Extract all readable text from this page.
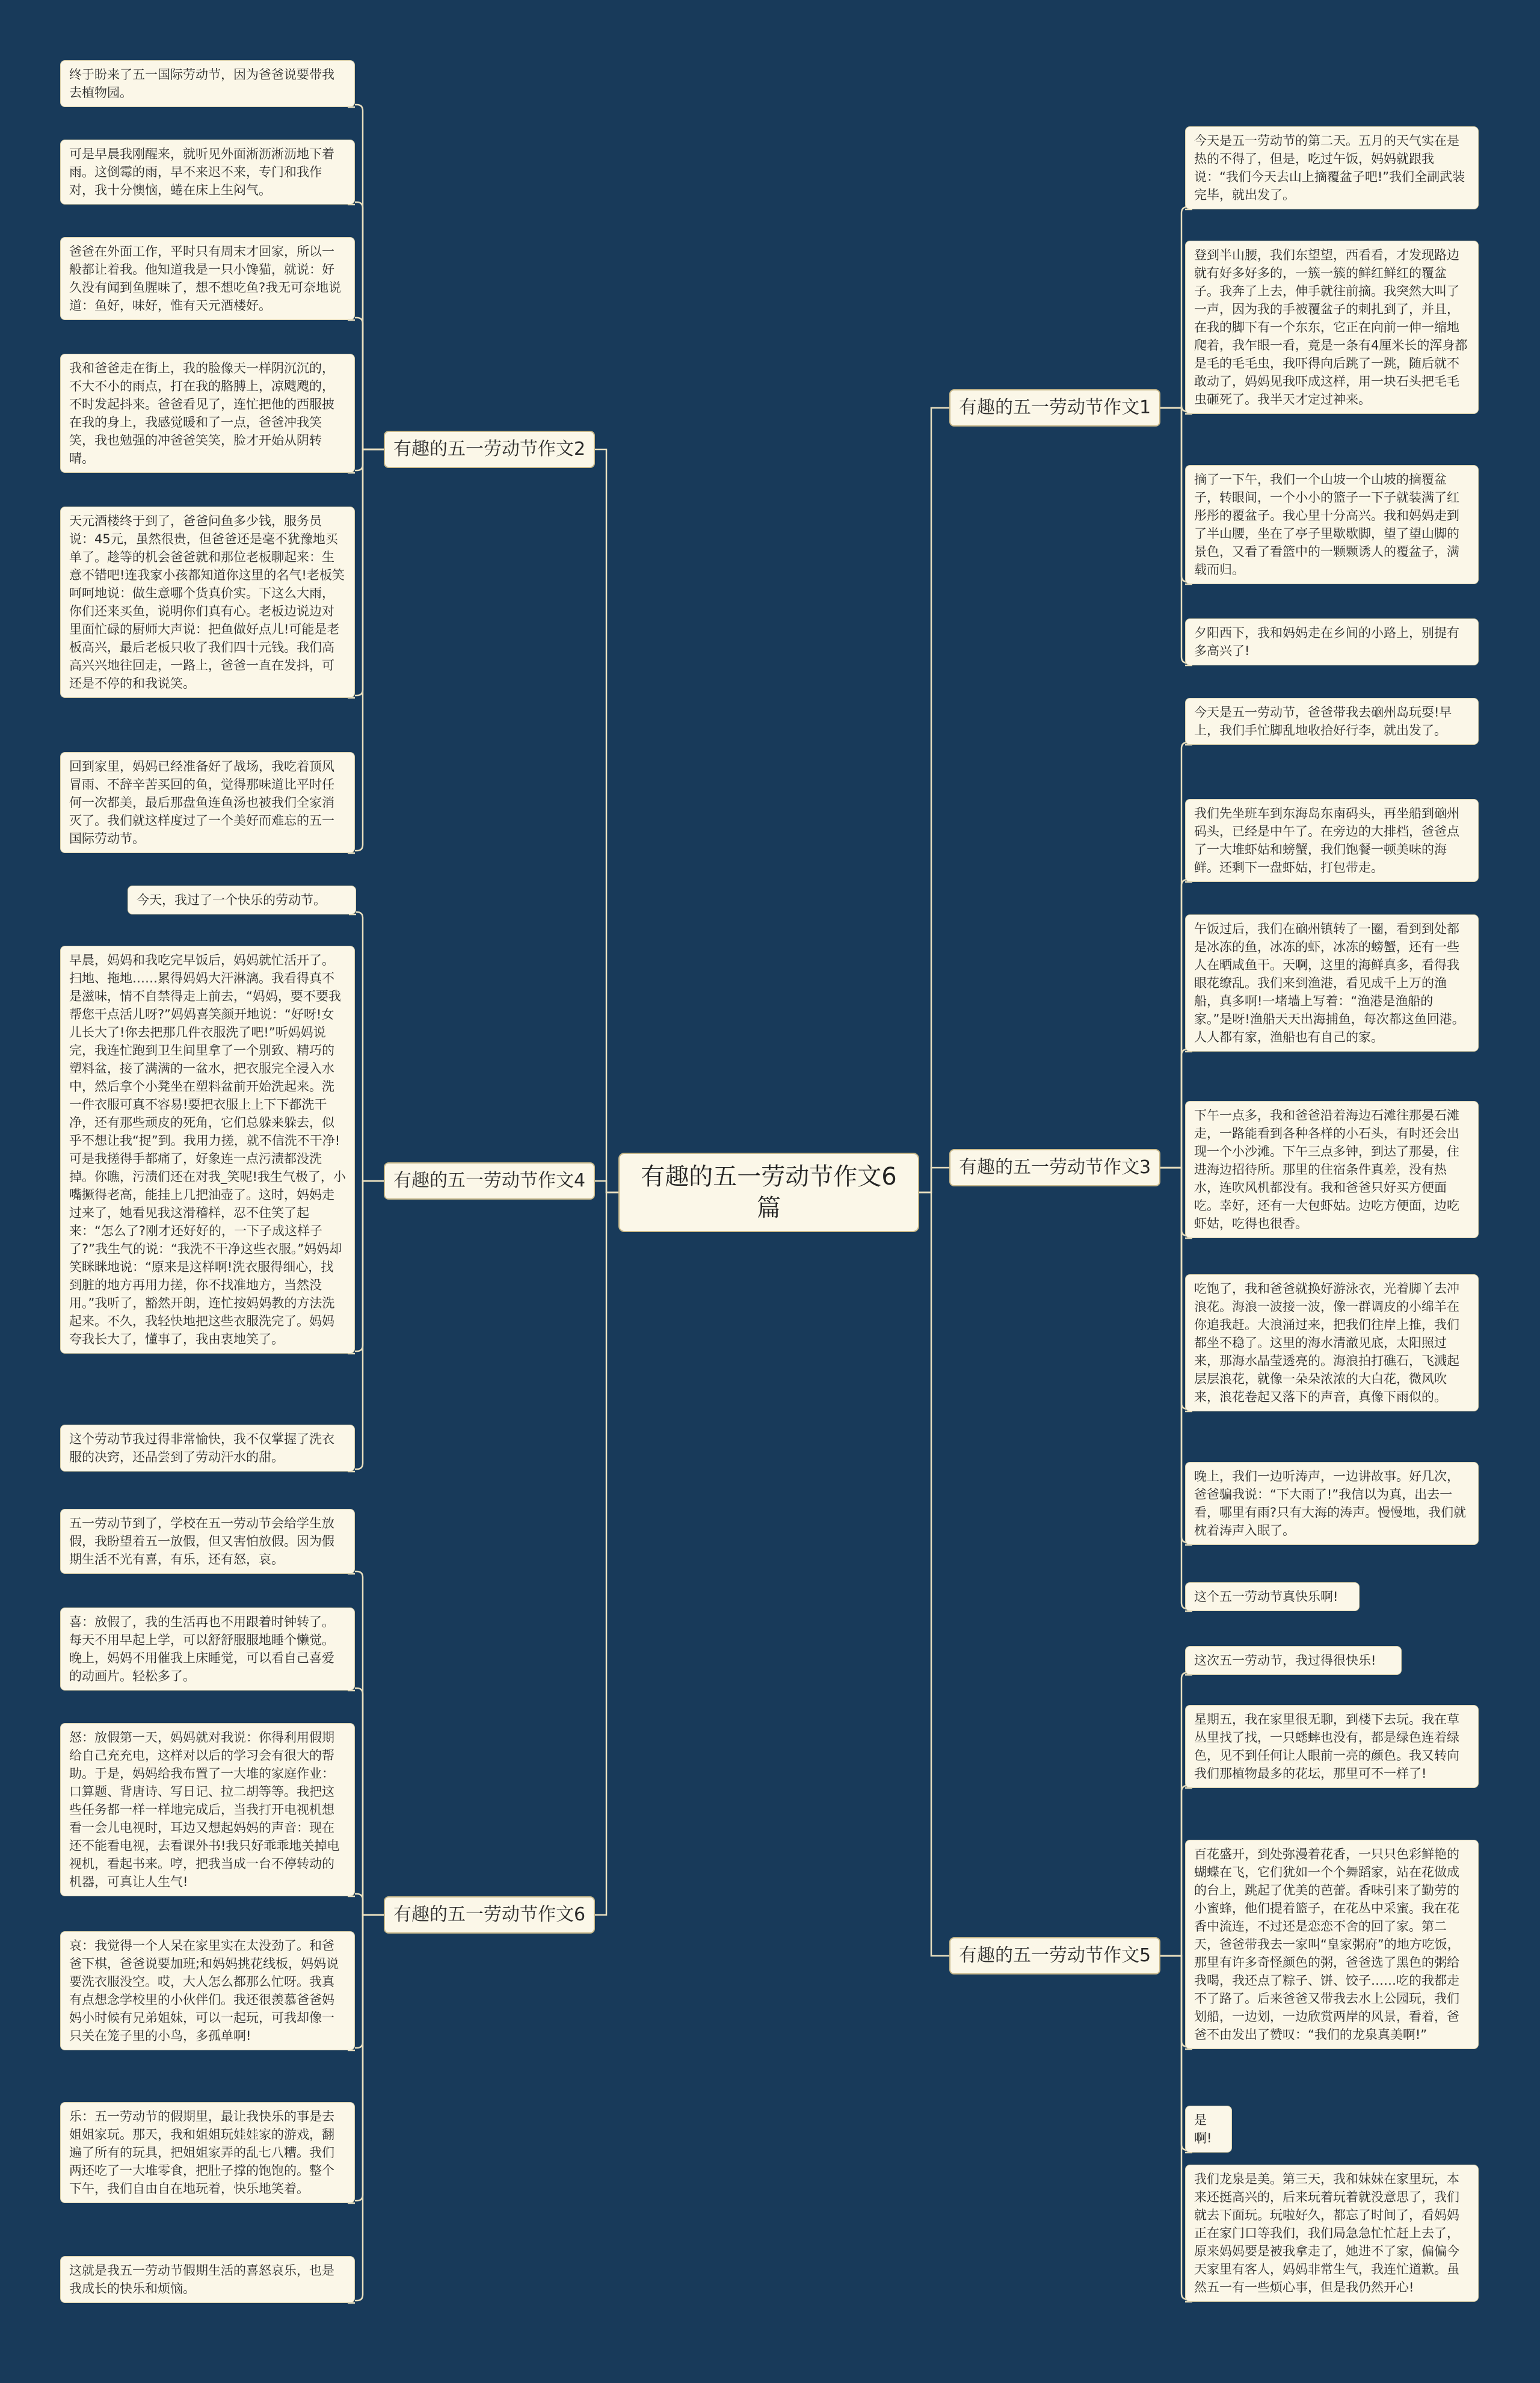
有趣的五一劳动节作文6篇
有趣的五一劳动节作文1
有趣的五一劳动节作文3
有趣的五一劳动节作文5
有趣的五一劳动节作文2
有趣的五一劳动节作文4
有趣的五一劳动节作文6
今天是五一劳动节的第二天。五月的天气实在是热的不得了，但是，吃过午饭，妈妈就跟我说：“我们今天去山上摘覆盆子吧!”我们全副武装完毕，就出发了。
登到半山腰，我们东望望，西看看，才发现路边就有好多好多的，一簇一簇的鲜红鲜红的覆盆子。我奔了上去，伸手就往前摘。我突然大叫了一声，因为我的手被覆盆子的刺扎到了，并且，在我的脚下有一个东东，它正在向前一伸一缩地爬着，我乍眼一看，竟是一条有4厘米长的浑身都是毛的毛毛虫，我吓得向后跳了一跳，随后就不敢动了，妈妈见我吓成这样，用一块石头把毛毛虫砸死了。我半天才定过神来。
摘了一下午，我们一个山坡一个山坡的摘覆盆子，转眼间，一个小小的篮子一下子就装满了红彤彤的覆盆子。我心里十分高兴。我和妈妈走到了半山腰，坐在了亭子里歇歇脚，望了望山脚的景色，又看了看篮中的一颗颗诱人的覆盆子，满载而归。
夕阳西下，我和妈妈走在乡间的小路上，别提有多高兴了!
今天是五一劳动节，爸爸带我去硇州岛玩耍!早上，我们手忙脚乱地收拾好行李，就出发了。
我们先坐班车到东海岛东南码头，再坐船到硇州码头，已经是中午了。在旁边的大排档，爸爸点了一大堆虾姑和螃蟹，我们饱餐一顿美味的海鲜。还剩下一盘虾姑，打包带走。
午饭过后，我们在硇州镇转了一圈，看到到处都是冰冻的鱼，冰冻的虾，冰冻的螃蟹，还有一些人在晒咸鱼干。天啊，这里的海鲜真多，看得我眼花缭乱。我们来到渔港，看见成千上万的渔船，真多啊!一堵墙上写着：“渔港是渔船的家。”是呀!渔船天天出海捕鱼，每次都这鱼回港。人人都有家，渔船也有自己的家。
下午一点多，我和爸爸沿着海边石滩往那晏石滩走，一路能看到各种各样的小石头，有时还会出现一个小沙滩。下午三点多钟，到达了那晏，住进海边招待所。那里的住宿条件真差，没有热水，连吹风机都没有。我和爸爸只好买方便面吃。幸好，还有一大包虾姑。边吃方便面，边吃虾姑，吃得也很香。
吃饱了，我和爸爸就换好游泳衣，光着脚丫去冲浪花。海浪一波接一波，像一群调皮的小绵羊在你追我赶。大浪涌过来，把我们往岸上推，我们都坐不稳了。这里的海水清澈见底，太阳照过来，那海水晶莹透亮的。海浪拍打礁石，飞溅起层层浪花，就像一朵朵浓浓的大白花，微风吹来，浪花卷起又落下的声音，真像下雨似的。
晚上，我们一边听涛声，一边讲故事。好几次，爸爸骗我说：“下大雨了!”我信以为真，出去一看，哪里有雨?只有大海的涛声。慢慢地，我们就枕着涛声入眠了。
这个五一劳动节真快乐啊!
这次五一劳动节，我过得很快乐!
星期五，我在家里很无聊，到楼下去玩。我在草丛里找了找，一只蟋蟀也没有，都是绿色连着绿色，见不到任何让人眼前一亮的颜色。我又转向我们那植物最多的花坛，那里可不一样了!
百花盛开，到处弥漫着花香，一只只色彩鲜艳的蝴蝶在飞，它们犹如一个个舞蹈家，站在花做成的台上，跳起了优美的芭蕾。香味引来了勤劳的小蜜蜂，他们提着篮子，在花丛中采蜜。我在花香中流连，不过还是恋恋不舍的回了家。第二天，爸爸带我去一家叫“皇家粥府”的地方吃饭，那里有许多奇怪颜色的粥，爸爸选了黑色的粥给我喝，我还点了粽子、饼、饺子……吃的我都走不了路了。后来爸爸又带我去水上公园玩，我们划船，一边划，一边欣赏两岸的风景，看着，爸爸不由发出了赞叹：“我们的龙泉真美啊!”
是啊!
我们龙泉是美。第三天，我和妹妹在家里玩，本来还挺高兴的，后来玩着玩着就没意思了，我们就去下面玩。玩啦好久，都忘了时间了，看妈妈正在家门口等我们，我们局急急忙忙赶上去了，原来妈妈要是被我拿走了，她进不了家，偏偏今天家里有客人，妈妈非常生气，我连忙道歉。虽然五一有一些烦心事，但是我仍然开心!
终于盼来了五一国际劳动节，因为爸爸说要带我去植物园。
可是早晨我刚醒来，就听见外面淅沥淅沥地下着雨。这倒霉的雨，早不来迟不来，专门和我作对，我十分懊恼，蜷在床上生闷气。
爸爸在外面工作，平时只有周末才回家，所以一般都让着我。他知道我是一只小馋猫，就说：好久没有闻到鱼腥味了，想不想吃鱼?我无可奈地说道：鱼好，味好，惟有天元酒楼好。
我和爸爸走在街上，我的脸像天一样阴沉沉的，不大不小的雨点，打在我的胳膊上，凉飕飕的，不时发起抖来。爸爸看见了，连忙把他的西服披在我的身上，我感觉暖和了一点，爸爸冲我笑笑，我也勉强的冲爸爸笑笑，脸才开始从阴转晴。
天元酒楼终于到了，爸爸问鱼多少钱，服务员说：45元，虽然很贵，但爸爸还是毫不犹豫地买单了。趁等的机会爸爸就和那位老板聊起来：生意不错吧!连我家小孩都知道你这里的名气!老板笑呵呵地说：做生意哪个货真价实。下这么大雨，你们还来买鱼，说明你们真有心。老板边说边对里面忙碌的厨师大声说：把鱼做好点儿!可能是老板高兴，最后老板只收了我们四十元钱。我们高高兴兴地往回走，一路上，爸爸一直在发抖，可还是不停的和我说笑。
回到家里，妈妈已经准备好了战场，我吃着顶风冒雨、不辞辛苦买回的鱼，觉得那味道比平时任何一次都美，最后那盘鱼连鱼汤也被我们全家消灭了。我们就这样度过了一个美好而难忘的五一国际劳动节。
今天，我过了一个快乐的劳动节。
早晨，妈妈和我吃完早饭后，妈妈就忙活开了。扫地、拖地……累得妈妈大汗淋漓。我看得真不是滋味，情不自禁得走上前去，“妈妈，要不要我帮您干点活儿呀?”妈妈喜笑颜开地说：“好呀!女儿长大了!你去把那几件衣服洗了吧!”听妈妈说完，我连忙跑到卫生间里拿了一个别致、精巧的塑料盆，接了满满的一盆水，把衣服完全浸入水中，然后拿个小凳坐在塑料盆前开始洗起来。洗一件衣服可真不容易!要把衣服上上下下都洗干净，还有那些顽皮的死角，它们总躲来躲去，似乎不想让我“捉”到。我用力搓，就不信洗不干净!可是我搓得手都痛了，好象连一点污渍都没洗掉。你瞧，污渍们还在对我_笑呢!我生气极了，小嘴撅得老高，能挂上几把油壶了。这时，妈妈走过来了，她看见我这滑稽样，忍不住笑了起来：“怎么了?刚才还好好的，一下子成这样子了?”我生气的说：“我洗不干净这些衣服。”妈妈却笑眯眯地说：“原来是这样啊!洗衣服得细心，找到脏的地方再用力搓，你不找准地方，当然没用。”我听了，豁然开朗，连忙按妈妈教的方法洗起来。不久，我轻快地把这些衣服洗完了。妈妈夸我长大了，懂事了，我由衷地笑了。
这个劳动节我过得非常愉快，我不仅掌握了洗衣服的决窍，还品尝到了劳动汗水的甜。
五一劳动节到了，学校在五一劳动节会给学生放假，我盼望着五一放假，但又害怕放假。因为假期生活不光有喜，有乐，还有怒，哀。
喜：放假了，我的生活再也不用跟着时钟转了。每天不用早起上学，可以舒舒服服地睡个懒觉。晚上，妈妈不用催我上床睡觉，可以看自己喜爱的动画片。轻松多了。
怒：放假第一天，妈妈就对我说：你得利用假期给自己充充电，这样对以后的学习会有很大的帮助。于是，妈妈给我布置了一大堆的家庭作业：口算题、背唐诗、写日记、拉二胡等等。我把这些任务都一样一样地完成后，当我打开电视机想看一会儿电视时，耳边又想起妈妈的声音：现在还不能看电视，去看课外书!我只好乖乖地关掉电视机，看起书来。哼，把我当成一台不停转动的机器，可真让人生气!
哀：我觉得一个人呆在家里实在太没劲了。和爸爸下棋，爸爸说要加班;和妈妈挑花线板，妈妈说要洗衣服没空。哎，大人怎么都那么忙呀。我真有点想念学校里的小伙伴们。我还很羡慕爸爸妈妈小时候有兄弟姐妹，可以一起玩，可我却像一只关在笼子里的小鸟，多孤单啊!
乐：五一劳动节的假期里，最让我快乐的事是去姐姐家玩。那天，我和姐姐玩娃娃家的游戏，翻遍了所有的玩具，把姐姐家弄的乱七八糟。我们两还吃了一大堆零食，把肚子撑的饱饱的。整个下午，我们自由自在地玩着，快乐地笑着。
这就是我五一劳动节假期生活的喜怒哀乐，也是我成长的快乐和烦恼。
